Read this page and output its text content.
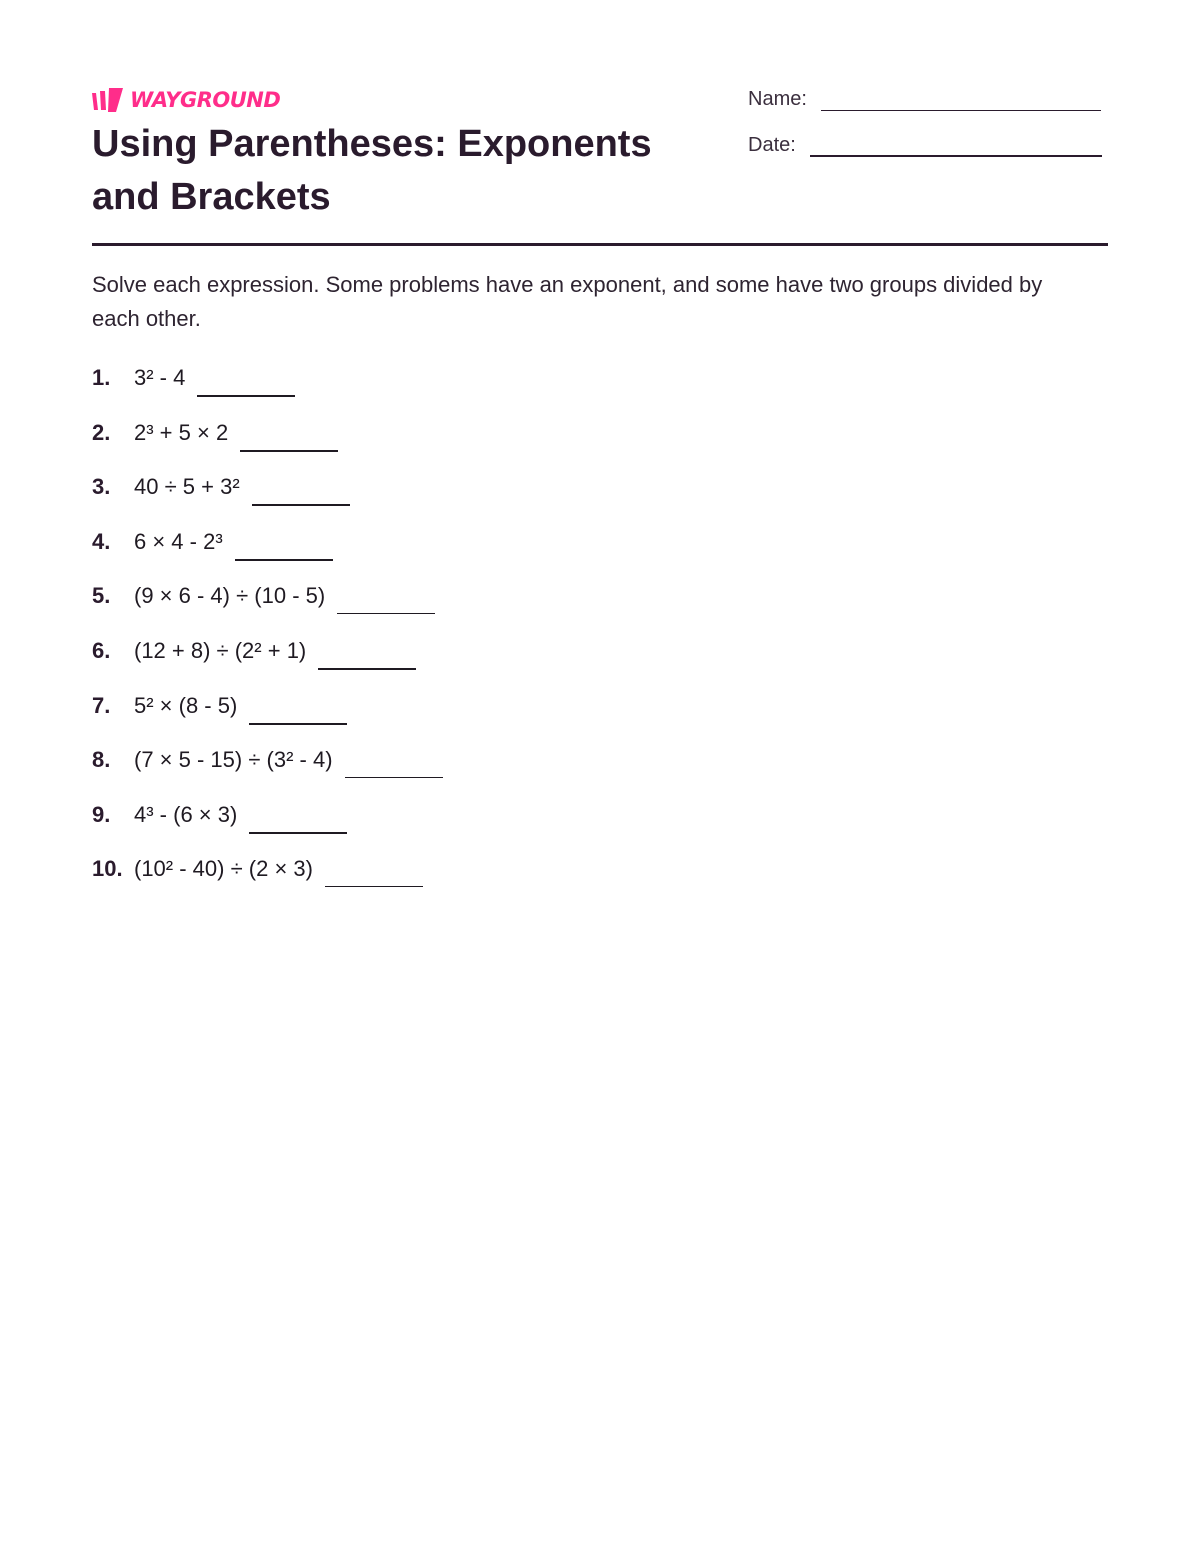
WAYGROUND
Using Parentheses: Exponents and Brackets
Name:
Date:

Solve each expression. Some problems have an exponent, and some have two groups divided by each other.

1.	3² - 4
2.	2³ + 5 × 2
3.	40 ÷ 5 + 3²
4.	6 × 4 - 2³
5.	(9 × 6 - 4) ÷ (10 - 5)
6.	(12 + 8) ÷ (2² + 1)
7.	5² × (8 - 5)
8.	(7 × 5 - 15) ÷ (3² - 4)
9.	4³ - (6 × 3)
10. (10² - 40) ÷ (2 × 3)
